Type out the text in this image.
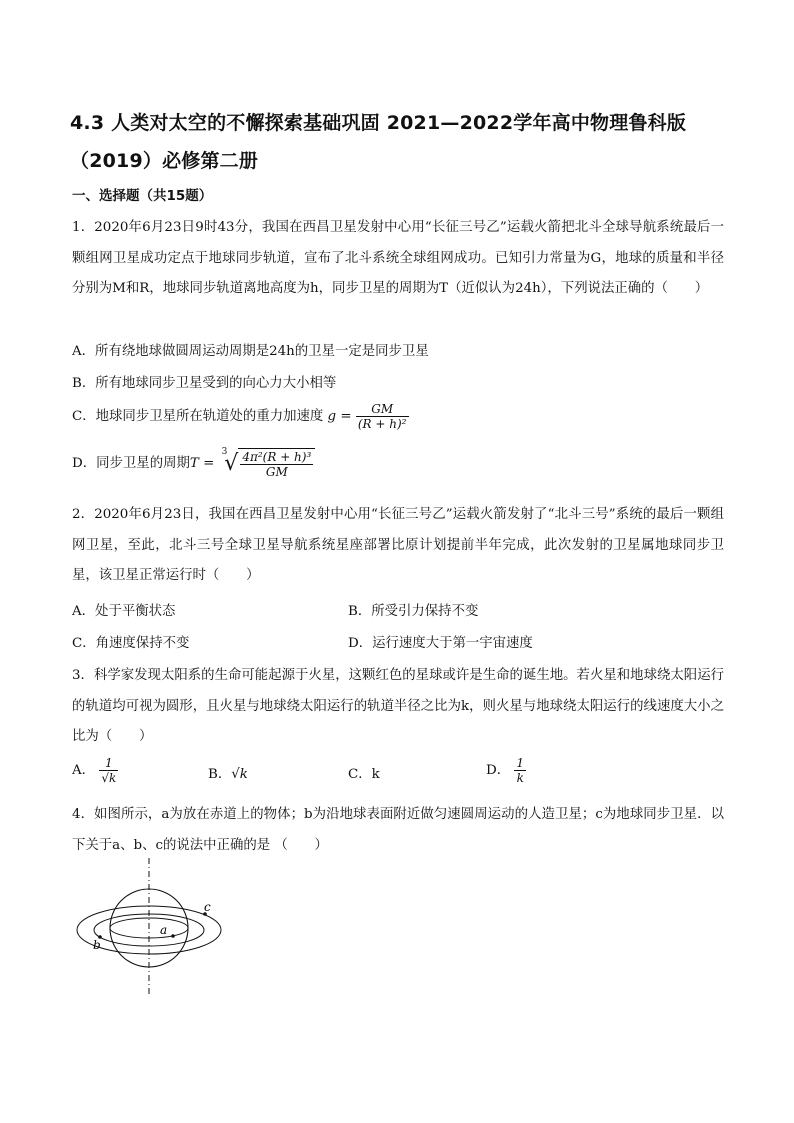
4.3 人类对太空的不懈探索基础巩固 2021—2022学年高中物理鲁科版（2019）必修第二册
一、选择题（共15题）
1．2020年6月23日9时43分，我国在西昌卫星发射中心用“长征三号乙”运载火箭把北斗全球导航系统最后一颗组网卫星成功定点于地球同步轨道，宣布了北斗系统全球组网成功。已知引力常量为G，地球的质量和半径分别为M和R，地球同步轨道离地高度为h，同步卫星的周期为T（近似认为24h），下列说法正确的（　　）
A．所有绕地球做圆周运动周期是24h的卫星一定是同步卫星
B．所有地球同步卫星受到的向心力大小相等
C．地球同步卫星所在轨道处的重力加速度 $g = \frac{GM}{\text{(R + h)²}}$
D．同步卫星的周期$T = ^3√ \frac{\text{4π²(R + h)³}}{GM}$
2．2020年6月23日，我国在西昌卫星发射中心用“长征三号乙”运载火箭发射了“北斗三号”系统的最后一颗组网卫星，至此，北斗三号全球卫星导航系统星座部署比原计划提前半年完成，此次发射的卫星属地球同步卫星，该卫星正常运行时（　　）
A．处于平衡状态	B．所受引力保持不变
C．角速度保持不变	D．运行速度大于第一宇宙速度
3．科学家发现太阳系的生命可能起源于火星，这颗红色的星球或许是生命的诞生地。若火星和地球绕太阳运行的轨道均可视为圆形，且火星与地球绕太阳运行的轨道半径之比为k，则火星与地球绕太阳运行的线速度大小之比为（　　）
A． $\frac{1}{√k}$	B．√k	C．k	D． $\frac{1}{k}$
4．如图所示，a为放在赤道上的物体；b为沿地球表面附近做匀速圆周运动的人造卫星；c为地球同步卫星．以下关于a、b、c的说法中正确的是 （　　）
a
b
c
